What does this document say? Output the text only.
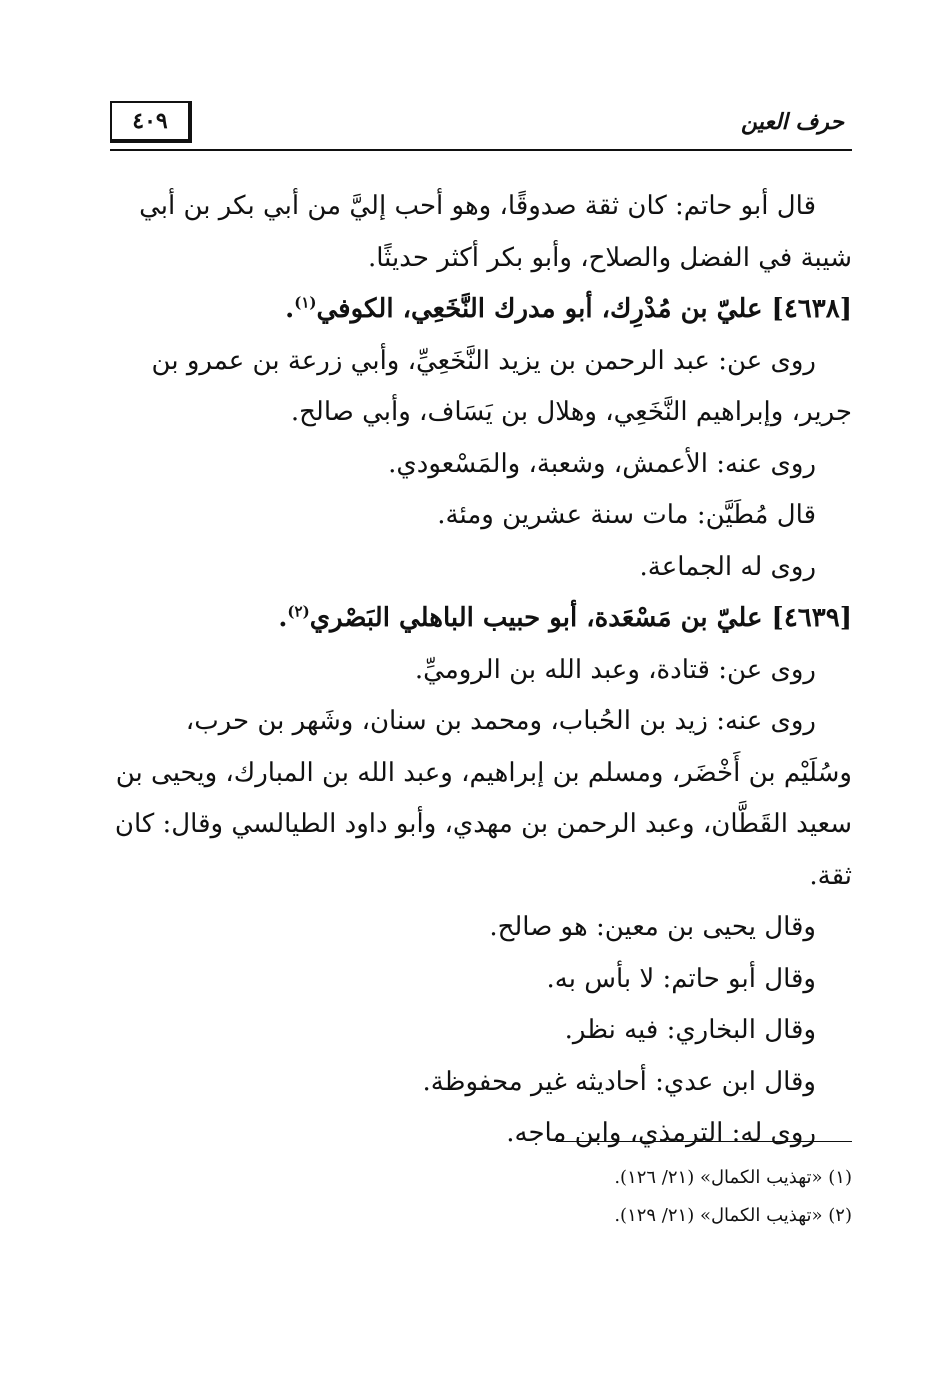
حرف العين
٤٠٩
قال أبو حاتم: كان ثقة صدوقًا، وهو أحب إليَّ من أبي بكر بن أبي
شيبة في الفضل والصلاح، وأبو بكر أكثر حديثًا.
[٤٦٣٨] عليّ بن مُدْرِك، أبو مدرك النَّخَعِي، الكوفي$^{(١)}$.
روى عن: عبد الرحمن بن يزيد النَّخَعِيِّ، وأبي زرعة بن عمرو بن
جرير، وإبراهيم النَّخَعِي، وهلال بن يَسَاف، وأبي صالح.
روى عنه: الأعمش، وشعبة، والمَسْعودي.
قال مُطَيَّن: مات سنة عشرين ومئة.
روى له الجماعة.
[٤٦٣٩] عليّ بن مَسْعَدة، أبو حبيب الباهلي البَصْري$^{(٢)}$.
روى عن: قتادة، وعبد الله بن الروميِّ.
روى عنه: زيد بن الحُباب، ومحمد بن سنان، وشَهر بن حرب،
وسُلَيْم بن أَخْضَر، ومسلم بن إبراهيم، وعبد الله بن المبارك، ويحيى بن
سعيد القَطَّان، وعبد الرحمن بن مهدي، وأبو داود الطيالسي وقال: كان
ثقة.
وقال يحيى بن معين: هو صالح.
وقال أبو حاتم: لا بأس به.
وقال البخاري: فيه نظر.
وقال ابن عدي: أحاديثه غير محفوظة.
روى له: الترمذي، وابن ماجه.
(١) «تهذيب الكمال» (٢١/ ١٢٦).
(٢) «تهذيب الكمال» (٢١/ ١٢٩).
